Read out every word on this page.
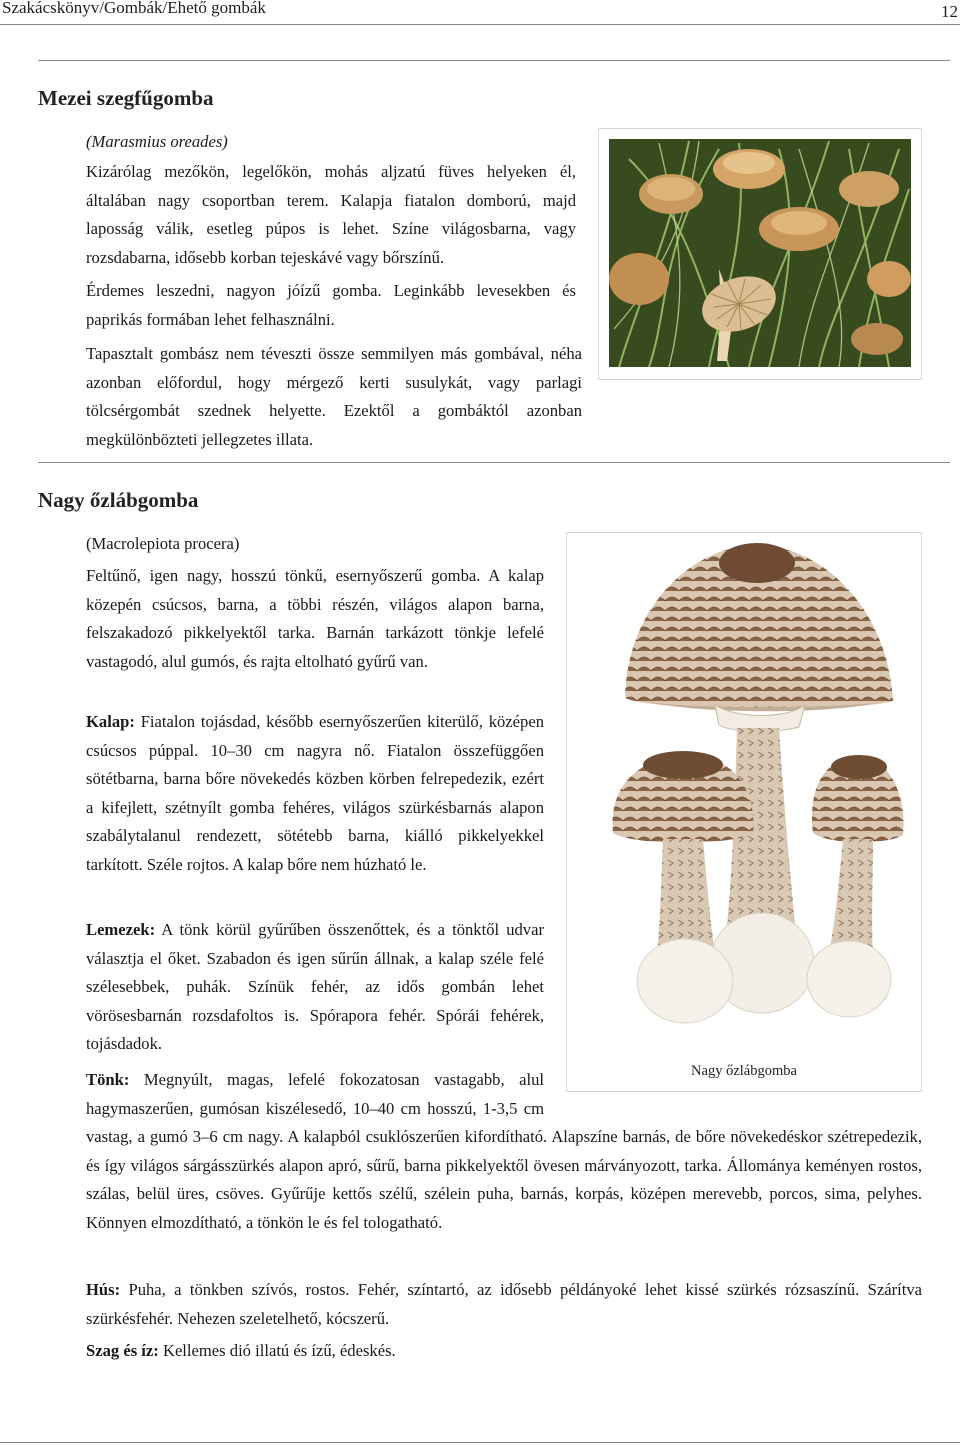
Szakácskönyv/Gombák/Ehető gombák	12
Mezei szegfűgomba
(Marasmius oreades)
Kizárólag mezőkön, legelőkön, mohás aljzatú füves helyeken él, általában nagy csoportban terem. Kalapja fiatalon domború, majd laposság válik, esetleg púpos is lehet. Színe világosbarna, vagy rozsdabarna, idősebb korban tejeskávé vagy bőrszínű.
Érdemes leszedni, nagyon jóízű gomba. Leginkább levesekben és paprikás formában lehet felhasználni.
Tapasztalt gombász nem téveszti össze semmilyen más gombával, néha azonban előfordul, hogy mérgező kerti susulykát, vagy parlagi tölcsérgombát szednek helyette. Ezektől a gombáktól azonban megkülönbözteti jellegzetes illata.
Nagy őzlábgomba
(Macrolepiota procera)
Nagy őzlábgomba
Feltűnő, igen nagy, hosszú tönkű, esernyőszerű gomba. A kalap közepén csúcsos, barna, a többi részén, világos alapon barna, felszakadozó pikkelyektől tarka. Barnán tarkázott tönkje lefelé vastagodó, alul gumós, és rajta eltolható gyűrű van.
Kalap: Fiatalon tojásdad, később esernyőszerűen kiterülő, középen csúcsos púppal. 10–30 cm nagyra nő. Fiatalon összefüggően sötétbarna, barna bőre növekedés közben körben felrepedezik, ezért a kifejlett, szétnyílt gomba fehéres, világos szürkésbarnás alapon szabálytalanul rendezett, sötétebb barna, kiálló pikkelyekkel tarkított. Széle rojtos. A kalap bőre nem húzható le.
Lemezek: A tönk körül gyűrűben összenőttek, és a tönktől udvar választja el őket. Szabadon és igen sűrűn állnak, a kalap széle felé szélesebbek, puhák. Színük fehér, az idős gombán lehet vörösesbarnán rozsdafoltos is. Spórapora fehér. Spórái fehérek, tojásdadok.
Tönk: Megnyúlt, magas, lefelé fokozatosan vastagabb, alul hagymaszerűen, gumósan kiszélesedő, 10–40 cm hosszú, 1-3,5 cm vastag, a gumó 3–6 cm nagy. A kalapból csuklószerűen kifordítható. Alapszíne barnás, de bőre növekedéskor szétrepedezik, és így világos sárgásszürkés alapon apró, sűrű, barna pikkelyektől övesen márványozott, tarka. Állománya keményen rostos, szálas, belül üres, csöves. Gyűrűje kettős szélű, szélein puha, barnás, korpás, középen merevebb, porcos, sima, pelyhes. Könnyen elmozdítható, a tönkön le és fel tologatható.
Hús: Puha, a tönkben szívós, rostos. Fehér, színtartó, az idősebb példányoké lehet kissé szürkés rózsaszínű. Szárítva szürkésfehér. Nehezen szeletelhető, kócszerű.
Szag és íz: Kellemes dió illatú és ízű, édeskés.
